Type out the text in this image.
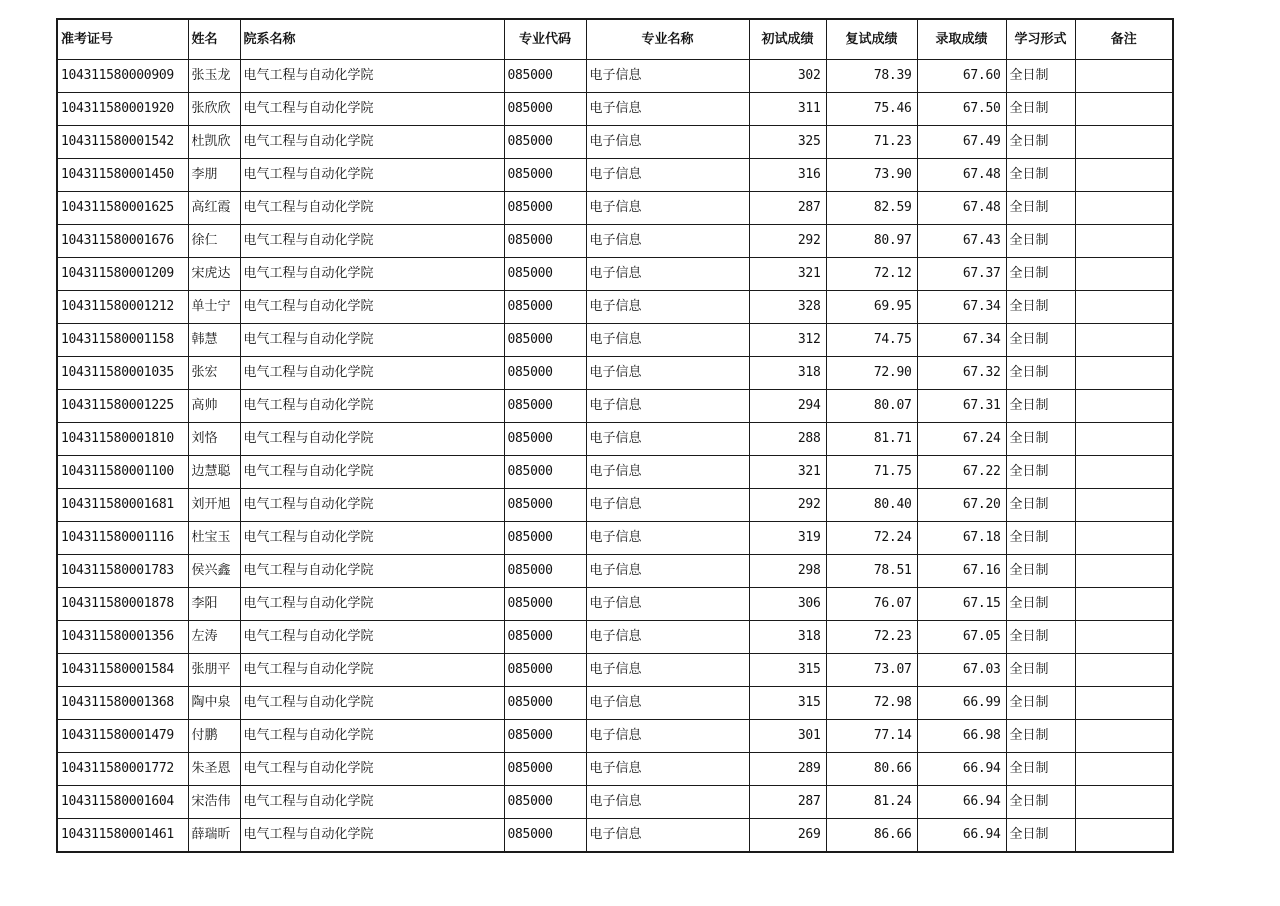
准考证号	姓名	院系名称	专业代码	专业名称	初试成绩	复试成绩	录取成绩	学习形式	备注
104311580000909	张玉龙	电气工程与自动化学院	085000	电子信息	302	78.39	67.60	全日制	
104311580001920	张欣欣	电气工程与自动化学院	085000	电子信息	311	75.46	67.50	全日制	
104311580001542	杜凯欣	电气工程与自动化学院	085000	电子信息	325	71.23	67.49	全日制	
104311580001450	李朋	电气工程与自动化学院	085000	电子信息	316	73.90	67.48	全日制	
104311580001625	高红霞	电气工程与自动化学院	085000	电子信息	287	82.59	67.48	全日制	
104311580001676	徐仁	电气工程与自动化学院	085000	电子信息	292	80.97	67.43	全日制	
104311580001209	宋虎达	电气工程与自动化学院	085000	电子信息	321	72.12	67.37	全日制	
104311580001212	单士宁	电气工程与自动化学院	085000	电子信息	328	69.95	67.34	全日制	
104311580001158	韩慧	电气工程与自动化学院	085000	电子信息	312	74.75	67.34	全日制	
104311580001035	张宏	电气工程与自动化学院	085000	电子信息	318	72.90	67.32	全日制	
104311580001225	高帅	电气工程与自动化学院	085000	电子信息	294	80.07	67.31	全日制	
104311580001810	刘恪	电气工程与自动化学院	085000	电子信息	288	81.71	67.24	全日制	
104311580001100	边慧聪	电气工程与自动化学院	085000	电子信息	321	71.75	67.22	全日制	
104311580001681	刘开旭	电气工程与自动化学院	085000	电子信息	292	80.40	67.20	全日制	
104311580001116	杜宝玉	电气工程与自动化学院	085000	电子信息	319	72.24	67.18	全日制	
104311580001783	侯兴鑫	电气工程与自动化学院	085000	电子信息	298	78.51	67.16	全日制	
104311580001878	李阳	电气工程与自动化学院	085000	电子信息	306	76.07	67.15	全日制	
104311580001356	左涛	电气工程与自动化学院	085000	电子信息	318	72.23	67.05	全日制	
104311580001584	张朋平	电气工程与自动化学院	085000	电子信息	315	73.07	67.03	全日制	
104311580001368	陶中泉	电气工程与自动化学院	085000	电子信息	315	72.98	66.99	全日制	
104311580001479	付鹏	电气工程与自动化学院	085000	电子信息	301	77.14	66.98	全日制	
104311580001772	朱圣恩	电气工程与自动化学院	085000	电子信息	289	80.66	66.94	全日制	
104311580001604	宋浩伟	电气工程与自动化学院	085000	电子信息	287	81.24	66.94	全日制	
104311580001461	薛瑞昕	电气工程与自动化学院	085000	电子信息	269	86.66	66.94	全日制	
